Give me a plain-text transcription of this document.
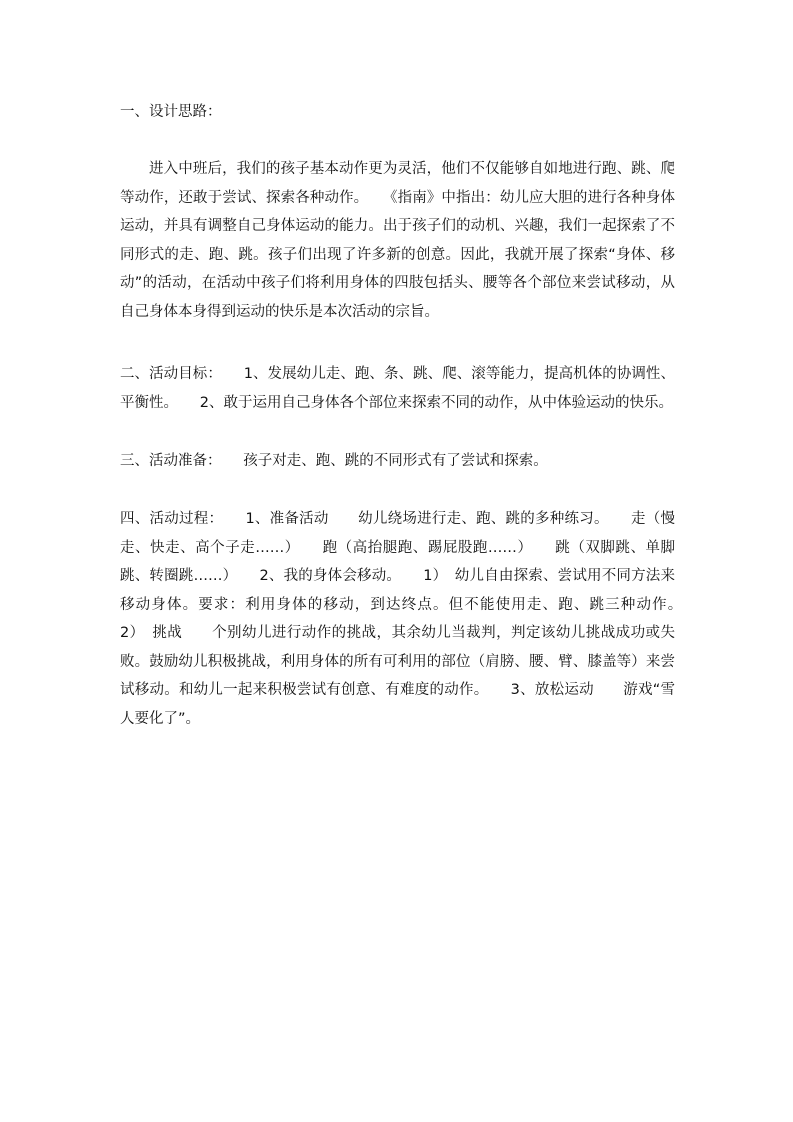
一、设计思路：
进入中班后，我们的孩子基本动作更为灵活，他们不仅能够自如地进行跑、跳、爬等动作，还敢于尝试、探索各种动作。　　《指南》中指出：幼儿应大胆的进行各种身体运动，并具有调整自己身体运动的能力。出于孩子们的动机、兴趣，我们一起探索了不同形式的走、跑、跳。孩子们出现了许多新的创意。因此，我就开展了探索“身体、移动”的活动，在活动中孩子们将利用身体的四肢包括头、腰等各个部位来尝试移动，从自己身体本身得到运动的快乐是本次活动的宗旨。
二、活动目标：　　1、发展幼儿走、跑、条、跳、爬、滚等能力，提高机体的协调性、平衡性。　　2、敢于运用自己身体各个部位来探索不同的动作，从中体验运动的快乐。
三、活动准备：　　孩子对走、跑、跳的不同形式有了尝试和探索。
四、活动过程：　　1、准备活动　　幼儿绕场进行走、跑、跳的多种练习。　　走（慢走、快走、高个子走……）　　跑（高抬腿跑、踢屁股跑……）　　跳（双脚跳、单脚跳、转圈跳……）　　2、我的身体会移动。　　1）　幼儿自由探索、尝试用不同方法来移动身体。要求：利用身体的移动，到达终点。但不能使用走、跑、跳三种动作。　　2）　挑战　　个别幼儿进行动作的挑战，其余幼儿当裁判，判定该幼儿挑战成功或失败。鼓励幼儿积极挑战，利用身体的所有可利用的部位（肩膀、腰、臂、膝盖等）来尝试移动。和幼儿一起来积极尝试有创意、有难度的动作。　　3、放松运动　　游戏“雪人要化了”。
